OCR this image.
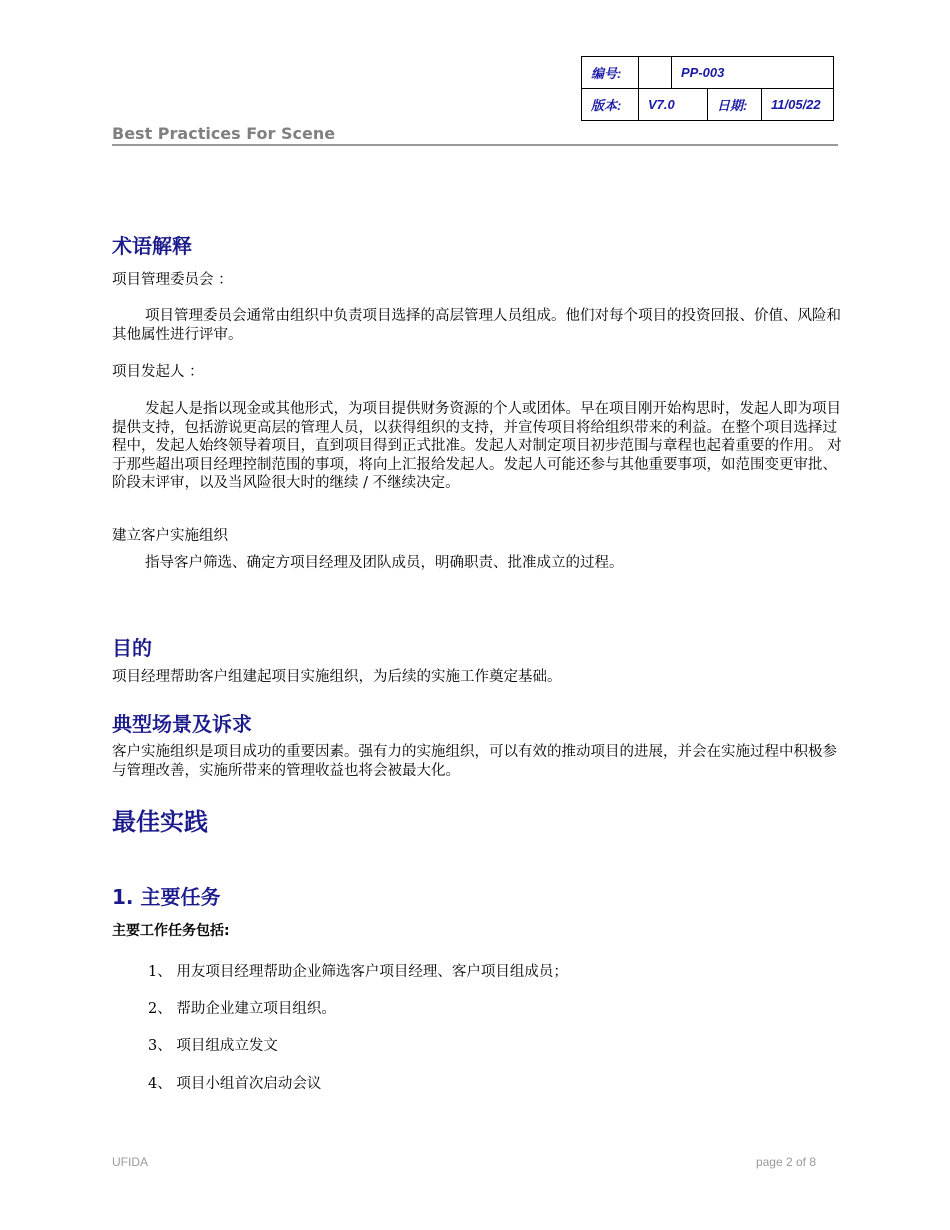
编号:		PP-003		
版本:	V7.0		日期:	11/05/22
Best Practices For Scene
术语解释

项目管理委员会 ：

项目管理委员会通常由组织中负责项目选择的高层管理人员组成。他们对每个项目的投资回报、价值、风险和其他属性进行评审。

项目发起人 ：

发起人是指以现金或其他形式，为项目提供财务资源的个人或团体。早在项目刚开始构思时，发起人即为项目提供支持，包括游说更高层的管理人员，以获得组织的支持，并宣传项目将给组织带来的利益。在整个项目选择过程中，发起人始终领导着项目，直到项目得到正式批准。发起人对制定项目初步范围与章程也起着重要的作用。 对于那些超出项目经理控制范围的事项，将向上汇报给发起人。发起人可能还参与其他重要事项，如范围变更审批、阶段末评审，以及当风险很大时的继续 / 不继续决定。

建立客户实施组织

指导客户筛选、确定方项目经理及团队成员，明确职责、批准成立的过程。

目的

项目经理帮助客户组建起项目实施组织，为后续的实施工作奠定基础。

典型场景及诉求

客户实施组织是项目成功的重要因素。强有力的实施组织，可以有效的推动项目的进展，并会在实施过程中积极参与管理改善，实施所带来的管理收益也将会被最大化。

最佳实践
1. 主要任务

主要工作任务包括:

1、 用友项目经理帮助企业筛选客户项目经理、客户项目组成员；

2、 帮助企业建立项目组织。

3、 项目组成立发文

4、 项目小组首次启动会议

UFIDA	page 2 of 8
